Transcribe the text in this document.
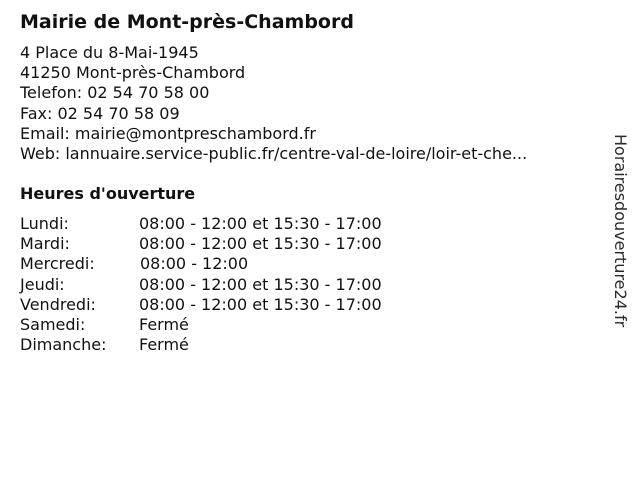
Mairie de Mont-près-Chambord
4 Place du 8-Mai-1945
41250 Mont-près-Chambord
Telefon: 02 54 70 58 00
Fax: 02 54 70 58 09
Email: mairie@montpreschambord.fr
Web: lannuaire.service-public.fr/centre-val-de-loire/loir-et-che...
Heures d'ouverture
Lundi:	08:00 - 12:00 et 15:30 - 17:00
Mardi:	08:00 - 12:00 et 15:30 - 17:00
Mercredi:	08:00 - 12:00
Jeudi:	08:00 - 12:00 et 15:30 - 17:00
Vendredi:	08:00 - 12:00 et 15:30 - 17:00
Samedi:	Fermé
Dimanche: Fermé
Horairesdouverture24.fr
